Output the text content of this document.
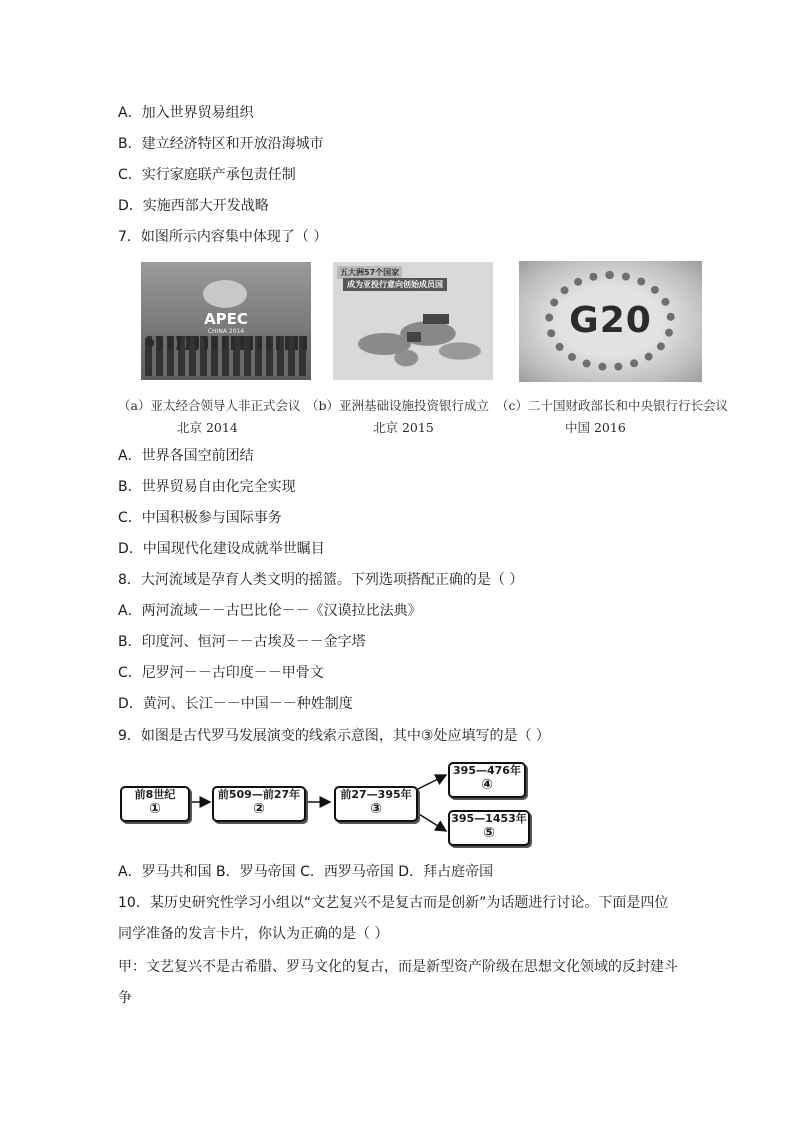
A．加入世界贸易组织
B．建立经济特区和开放沿海城市
C．实行家庭联产承包责任制
D．实施西部大开发战略
7．如图所示内容集中体现了（ ）
APEC
CHINA 2014
五大洲57个国家
成为亚投行意向创始成员国
G20
（a）亚太经合领导人非正式会议 （b）亚洲基础设施投资银行成立 （c）二十国财政部长和中央银行行长会议
北京 2014	北京 2015	中国 2016
A．世界各国空前团结
B．世界贸易自由化完全实现
C．中国积极参与国际事务
D．中国现代化建设成就举世瞩目
8．大河流域是孕育人类文明的摇篮。下列选项搭配正确的是（ ）
A．两河流域－－古巴比伦－－《汉谟拉比法典》
B．印度河、恒河－－古埃及－－金字塔
C．尼罗河－－古印度－－甲骨文
D．黄河、长江－－中国－－种姓制度
9．如图是古代罗马发展演变的线索示意图，其中③处应填写的是（ ）
前8世纪
①
前509—前27年
②
前27—395年
③
395—476年
④
395—1453年
⑤
A．罗马共和国 B．罗马帝国 C．西罗马帝国 D．拜占庭帝国
10．某历史研究性学习小组以“文艺复兴不是复古而是创新”为话题进行讨论。下面是四位
同学准备的发言卡片，你认为正确的是（ ）
甲：文艺复兴不是古希腊、罗马文化的复古，而是新型资产阶级在思想文化领域的反封建斗
争
